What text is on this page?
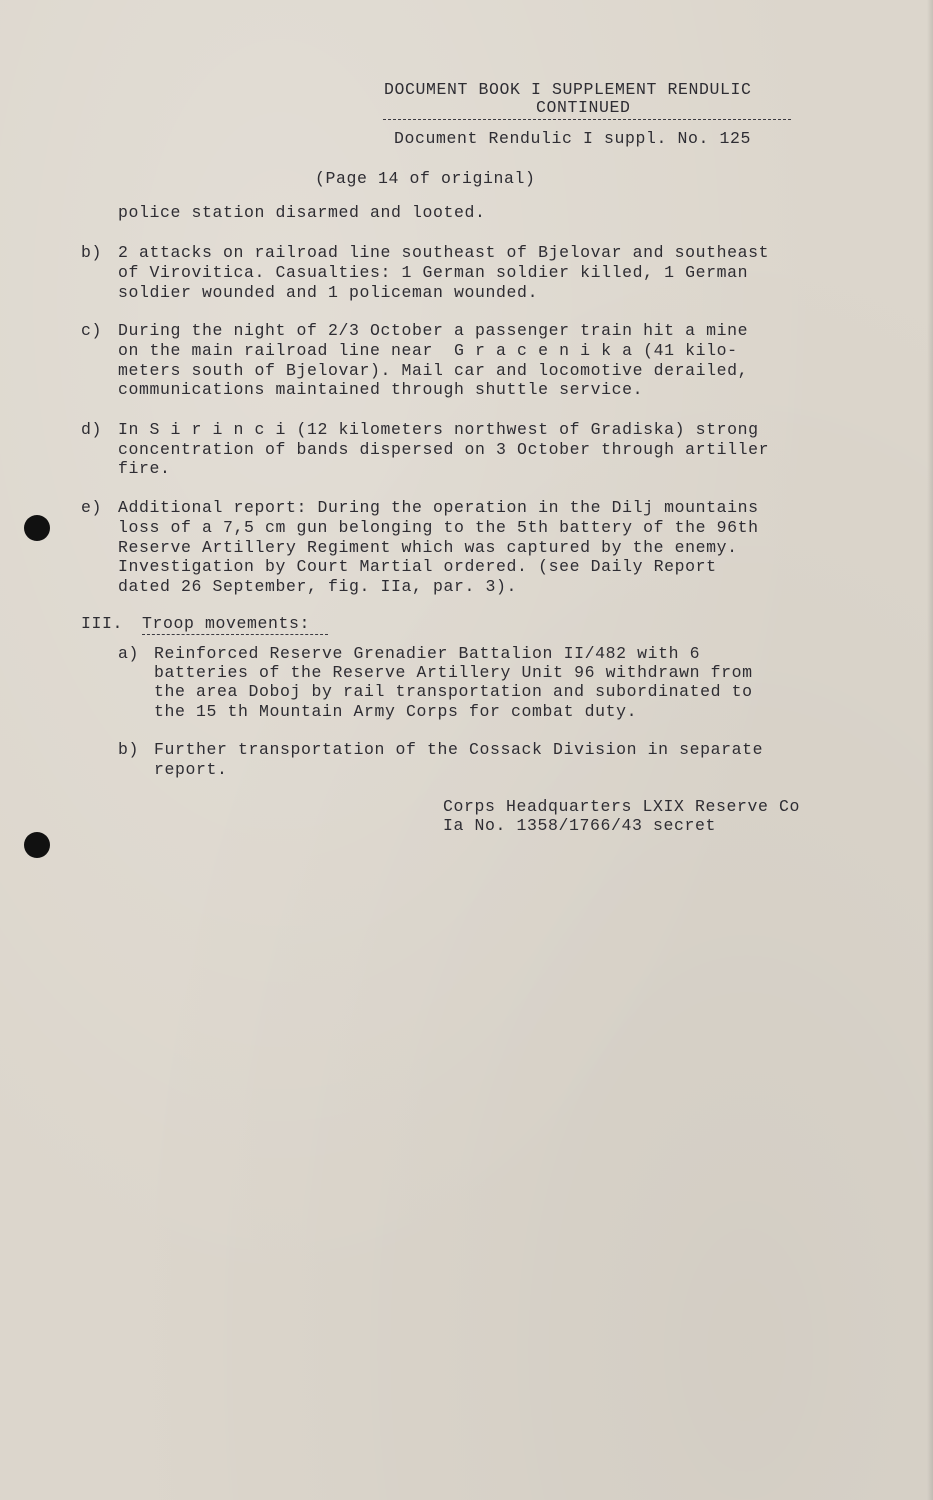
DOCUMENT BOOK I SUPPLEMENT RENDULIC
CONTINUED
Document Rendulic I suppl. No. 125
(Page 14 of original)
police station disarmed and looted.
b) 2 attacks on railroad line southeast of Bjelovar and southeast
of Virovitica. Casualties: 1 German soldier killed, 1 German
soldier wounded and 1 policeman wounded.
c) During the night of 2/3 October a passenger train hit a mine
on the main railroad line near  G r a c e n i k a (41 kilo-
meters south of Bjelovar). Mail car and locomotive derailed,
communications maintained through shuttle service.
d) In S i r i n c i (12 kilometers northwest of Gradiska) strong
concentration of bands dispersed on 3 October through artiller
fire.
e) Additional report: During the operation in the Dilj mountains
loss of a 7,5 cm gun belonging to the 5th battery of the 96th
Reserve Artillery Regiment which was captured by the enemy.
Investigation by Court Martial ordered. (see Daily Report
dated 26 September, fig. IIa, par. 3).
III. Troop movements:
a) Reinforced Reserve Grenadier Battalion II/482 with 6
batteries of the Reserve Artillery Unit 96 withdrawn from
the area Doboj by rail transportation and subordinated to
the 15 th Mountain Army Corps for combat duty.
b) Further transportation of the Cossack Division in separate
report.
Corps Headquarters LXIX Reserve Co
Ia No. 1358/1766/43 secret
